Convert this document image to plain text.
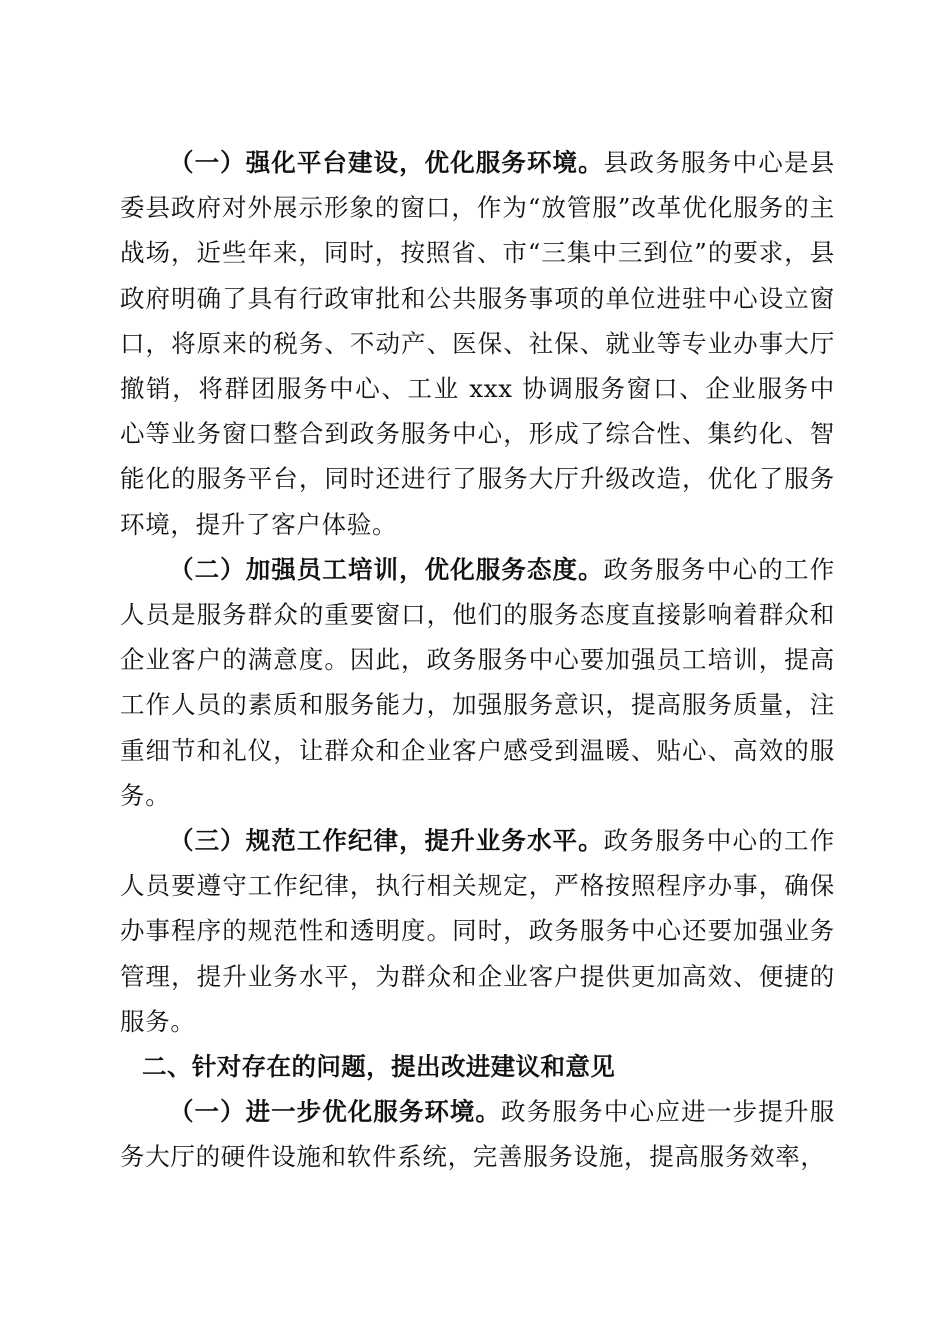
（一）强化平台建设，优化服务环境。县政务服务中心是县委县政府对外展示形象的窗口，作为“放管服”改革优化服务的主战场，近些年来，同时，按照省、市“三集中三到位”的要求，县政府明确了具有行政审批和公共服务事项的单位进驻中心设立窗口，将原来的税务、不动产、医保、社保、就业等专业办事大厅撤销，将群团服务中心、工业 xxx 协调服务窗口、企业服务中心等业务窗口整合到政务服务中心，形成了综合性、集约化、智能化的服务平台，同时还进行了服务大厅升级改造，优化了服务环境，提升了客户体验。

（二）加强员工培训，优化服务态度。政务服务中心的工作人员是服务群众的重要窗口，他们的服务态度直接影响着群众和企业客户的满意度。因此，政务服务中心要加强员工培训，提高工作人员的素质和服务能力，加强服务意识，提高服务质量，注重细节和礼仪，让群众和企业客户感受到温暖、贴心、高效的服务。

（三）规范工作纪律，提升业务水平。政务服务中心的工作人员要遵守工作纪律，执行相关规定，严格按照程序办事，确保办事程序的规范性和透明度。同时，政务服务中心还要加强业务管理，提升业务水平，为群众和企业客户提供更加高效、便捷的服务。

二、针对存在的问题，提出改进建议和意见

（一）进一步优化服务环境。政务服务中心应进一步提升服务大厅的硬件设施和软件系统，完善服务设施，提高服务效率，
